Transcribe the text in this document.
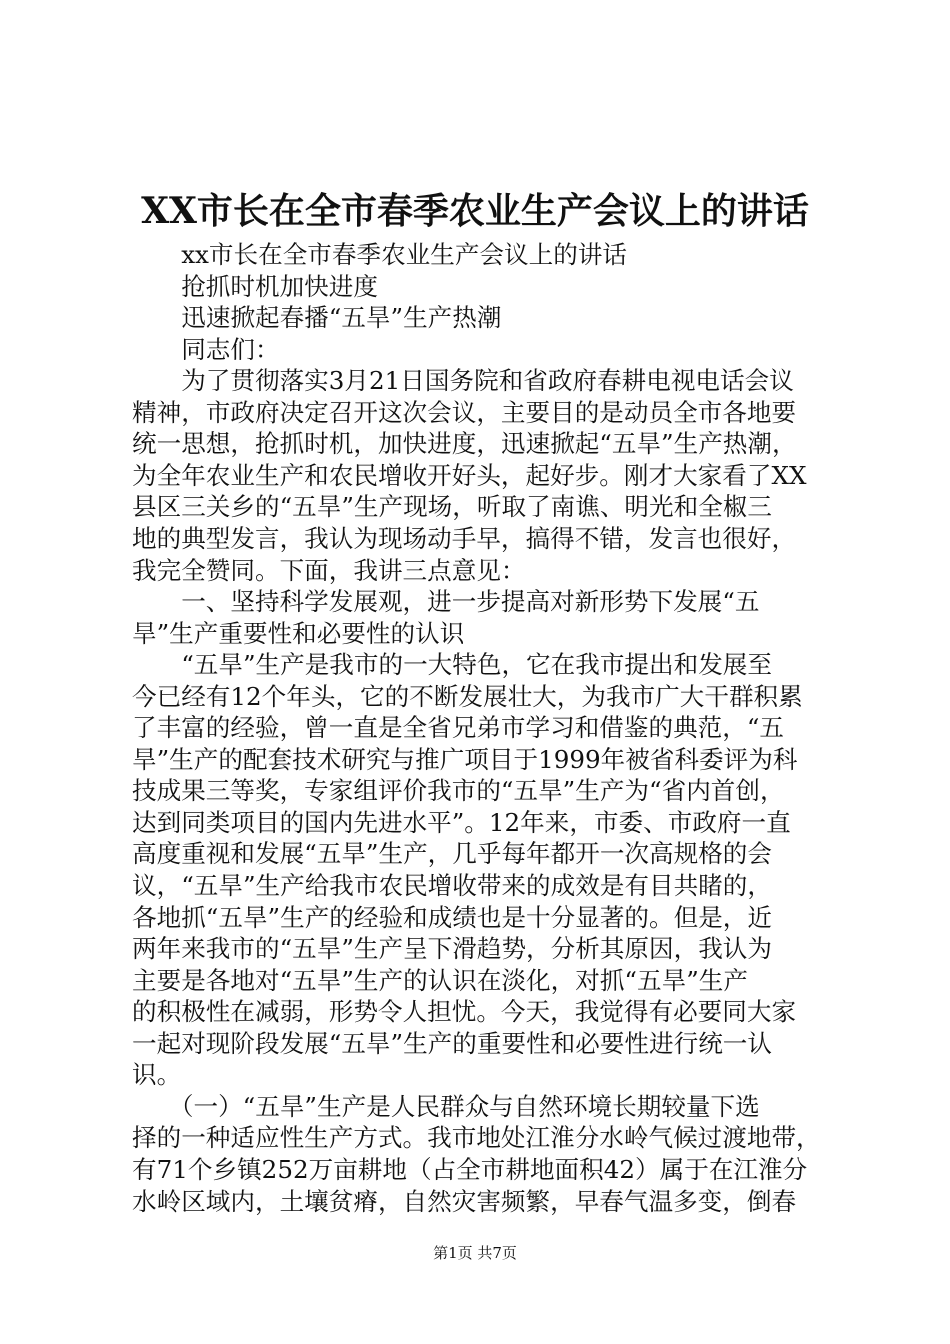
XX市长在全市春季农业生产会议上的讲话
　　xx市长在全市春季农业生产会议上的讲话
　　抢抓时机加快进度
　　迅速掀起春播“五旱”生产热潮
　　同志们：
　　为了贯彻落实3月21日国务院和省政府春耕电视电话会议
精神，市政府决定召开这次会议，主要目的是动员全市各地要
统一思想，抢抓时机，加快进度，迅速掀起“五旱”生产热潮，
为全年农业生产和农民增收开好头，起好步。刚才大家看了XX
县区三关乡的“五旱”生产现场，听取了南谯、明光和全椒三
地的典型发言，我认为现场动手早，搞得不错，发言也很好，
我完全赞同。下面，我讲三点意见：
　　一、坚持科学发展观，进一步提高对新形势下发展“五
旱”生产重要性和必要性的认识
　　“五旱”生产是我市的一大特色，它在我市提出和发展至
今已经有12个年头，它的不断发展壮大，为我市广大干群积累
了丰富的经验，曾一直是全省兄弟市学习和借鉴的典范，“五
旱”生产的配套技术研究与推广项目于1999年被省科委评为科
技成果三等奖，专家组评价我市的“五旱”生产为“省内首创，
达到同类项目的国内先进水平”。12年来，市委、市政府一直
高度重视和发展“五旱”生产，几乎每年都开一次高规格的会
议，“五旱”生产给我市农民增收带来的成效是有目共睹的，
各地抓“五旱”生产的经验和成绩也是十分显著的。但是，近
两年来我市的“五旱”生产呈下滑趋势，分析其原因，我认为
主要是各地对“五旱”生产的认识在淡化，对抓“五旱”生产
的积极性在减弱，形势令人担忧。今天，我觉得有必要同大家
一起对现阶段发展“五旱”生产的重要性和必要性进行统一认
识。
　　（一）“五旱”生产是人民群众与自然环境长期较量下选
择的一种适应性生产方式。我市地处江淮分水岭气候过渡地带，
有71个乡镇252万亩耕地（占全市耕地面积42）属于在江淮分
水岭区域内，土壤贫瘠，自然灾害频繁，早春气温多变，倒春
第1页 共7页
